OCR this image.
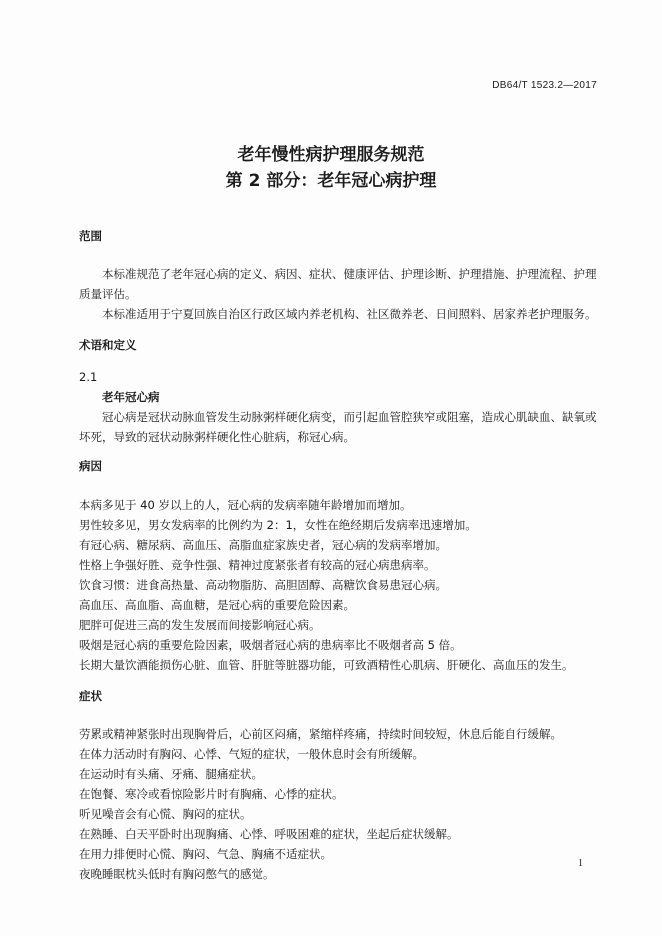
DB64/T 1523.2—2017
老年慢性病护理服务规范
第 2 部分：老年冠心病护理
范围
本标准规范了老年冠心病的定义、病因、症状、健康评估、护理诊断、护理措施、护理流程、护理质量评估。
本标准适用于宁夏回族自治区行政区域内养老机构、社区微养老、日间照料、居家养老护理服务。
术语和定义
2.1
老年冠心病
冠心病是冠状动脉血管发生动脉粥样硬化病变，而引起血管腔狭窄或阻塞，造成心肌缺血、缺氧或坏死，导致的冠状动脉粥样硬化性心脏病，称冠心病。
病因
本病多见于 40 岁以上的人，冠心病的发病率随年龄增加而增加。
男性较多见，男女发病率的比例约为 2：1，女性在绝经期后发病率迅速增加。
有冠心病、糖尿病、高血压、高脂血症家族史者，冠心病的发病率增加。
性格上争强好胜、竞争性强、精神过度紧张者有较高的冠心病患病率。
饮食习惯：进食高热量、高动物脂肪、高胆固醇、高糖饮食易患冠心病。
高血压、高血脂、高血糖，是冠心病的重要危险因素。
肥胖可促进三高的发生发展而间接影响冠心病。
吸烟是冠心病的重要危险因素，吸烟者冠心病的患病率比不吸烟者高 5 倍。
长期大量饮酒能损伤心脏、血管、肝脏等脏器功能，可致酒精性心肌病、肝硬化、高血压的发生。
症状
劳累或精神紧张时出现胸骨后，心前区闷痛，紧缩样疼痛，持续时间较短，休息后能自行缓解。
在体力活动时有胸闷、心悸、气短的症状，一般休息时会有所缓解。
在运动时有头痛、牙痛、腿痛症状。
在饱餐、寒冷或看惊险影片时有胸痛、心悸的症状。
听见噪音会有心慌、胸闷的症状。
在熟睡、白天平卧时出现胸痛、心悸、呼吸困难的症状，坐起后症状缓解。
在用力排便时心慌、胸闷、气急、胸痛不适症状。
夜晚睡眠枕头低时有胸闷憋气的感觉。
1
